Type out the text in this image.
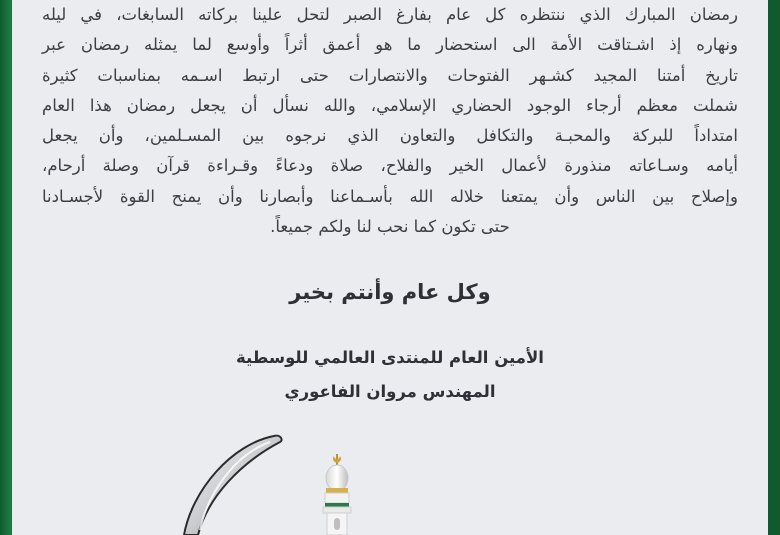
رمضان المبارك الذي ننتظره كل عام بفارغ الصبر لتحل علينا بركاته السابغات، في ليله

ونهاره إذ اشـتاقت الأمة الى استحضار ما هو أعمق أثراً وأوسع لما يمثله رمضان عبر

تاريخ أمتنا المجيد كشـهر الفتوحات والانتصارات حتى ارتبط اسـمه بمناسبات كثيرة

شملت معظم أرجاء الوجود الحضاري الإسلامي، والله نسأل أن يجعل رمضان هذا العام

امتداداً للبركة والمحبـة والتكافل والتعاون الذي نرجوه بين المسـلمين، وأن يجعل

أيامه وسـاعاته منذورة لأعمال الخير والفلاح، صلاة ودعاءً وقـراءة قرآن وصلة أرحام،

وإصلاح بين الناس وأن يمتعنا خلاله الله بأسـماعنا وأبصارنا وأن يمنح القوة لأجسـادنا

حتى تكون كما نحب لنا ولكم جميعاً.

وكل عام وأنتم بخير
الأمين العام للمنتدى العالمي للوسطية
المهندس مروان الفاعوري
